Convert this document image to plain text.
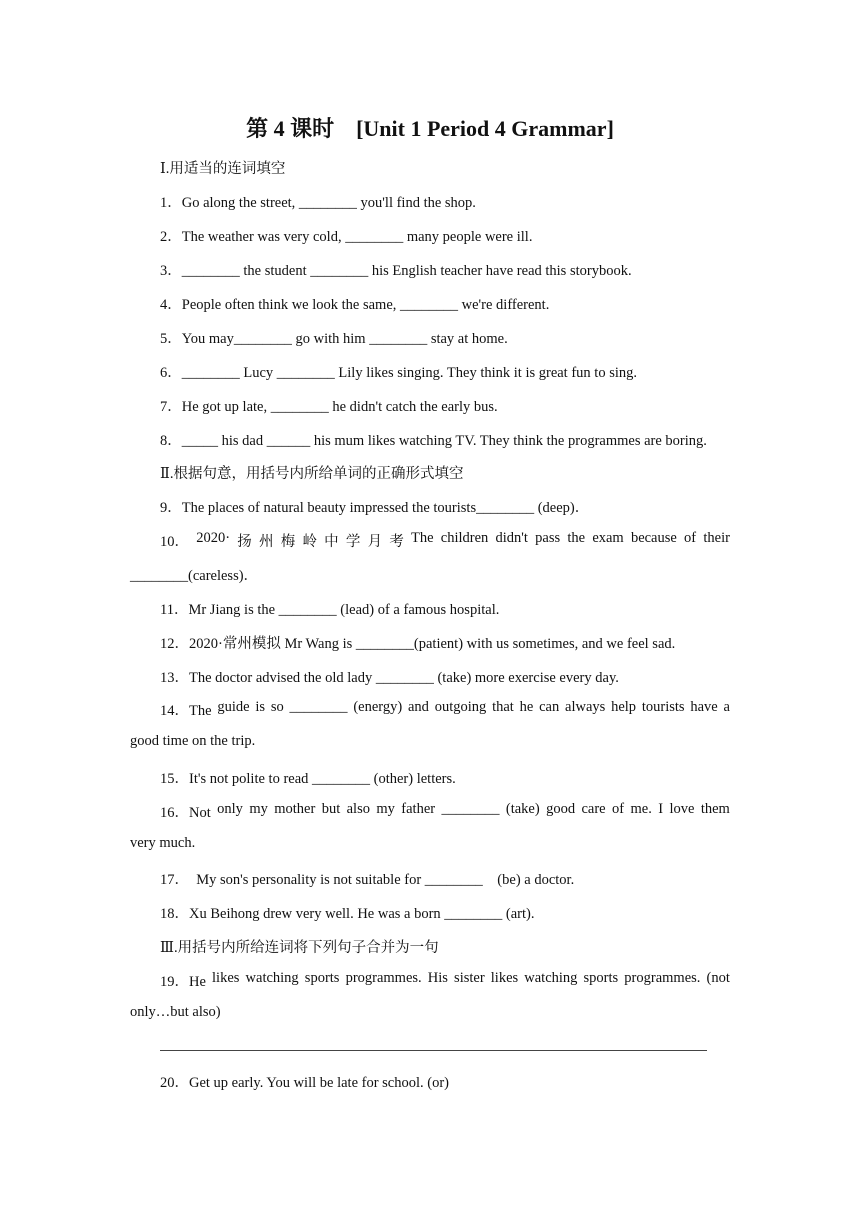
第 4 课时　[Unit 1 Period 4 Grammar]
Ⅰ.用适当的连词填空
1．Go along the street, ________ you'll find the shop.
2．The weather was very cold, ________ many people were ill.
3．________ the student ________ his English teacher have read this storybook.
4．People often think we look the same, ________ we're different.
5．You may________ go with him ________ stay at home.
6．________ Lucy ________ Lily likes singing. They think it is great fun to sing.
7．He got up late, ________ he didn't catch the early bus.
8．_____ his dad ______ his mum likes watching TV. They think the programmes are boring.
Ⅱ.根据句意，用括号内所给单词的正确形式填空
9．The places of natural beauty impressed the tourists________ (deep)．
10． 2020· 扬 州 梅 岭 中 学 月 考 The children didn't pass the exam because of their
________(careless)．
11．Mr Jiang is the ________ (lead) of a famous hospital.
12．2020·常州模拟 Mr Wang is ________(patient) with us sometimes, and we feel sad.
13．The doctor advised the old lady ________ (take) more exercise every day.
14．The guide is so ________ (energy) and outgoing that he can always help tourists have a
good time on the trip.
15．It's not polite to read ________ (other) letters.
16．Not only my mother but also my father ________ (take) good care of me. I love them
very much.
17．  My son's personality is not suitable for ________    (be) a doctor.
18．Xu Beihong drew very well. He was a born ________ (art).
Ⅲ.用括号内所给连词将下列句子合并为一句
19．He likes watching sports programmes. His sister likes watching sports programmes. (not
only…but also)
20．Get up early. You will be late for school. (or)
